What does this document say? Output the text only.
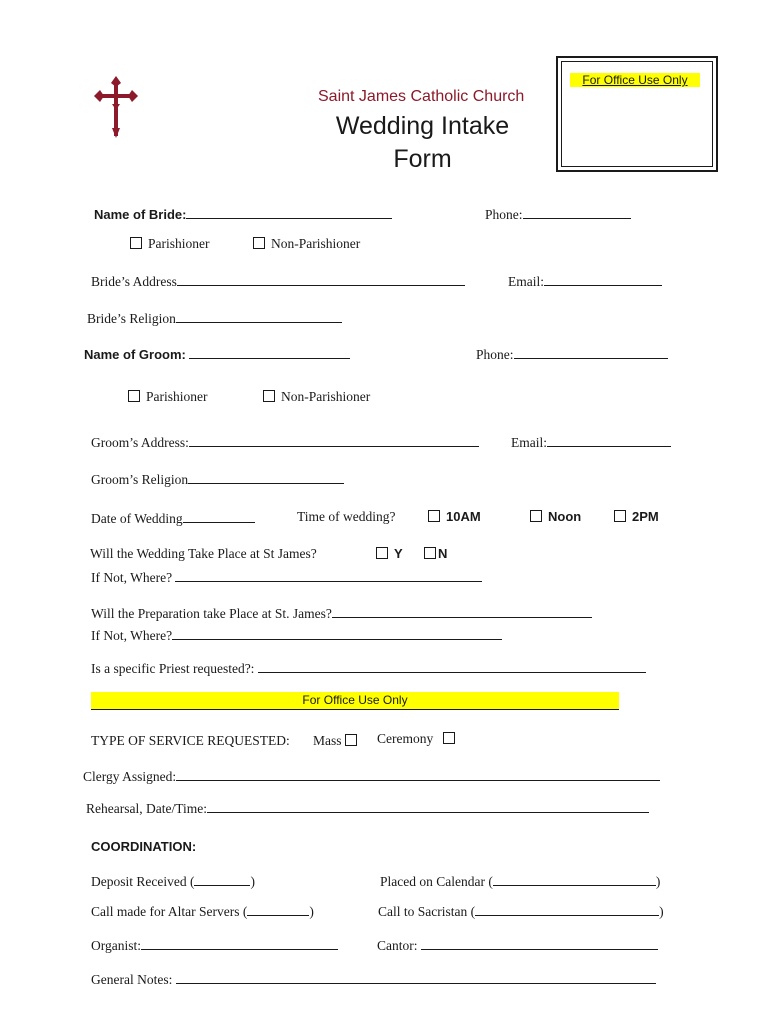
Saint James Catholic Church
Wedding Intake
Form
For Office Use Only
Name of Bride:	Phone:
Parishioner	Non-Parishioner
Bride’s Address	Email:
Bride’s Religion
Name of Groom:	Phone:
Parishioner	Non-Parishioner
Groom’s Address:	Email:
Groom’s Religion
Date of Wedding	Time of wedding?	10AM	Noon	2PM
Will the Wedding Take Place at St James?	Y	N
If Not, Where?
Will the Preparation take Place at St. James?
If Not, Where?
Is a specific Priest requested?:
For Office Use Only
TYPE OF SERVICE REQUESTED: Mass	Ceremony
Clergy Assigned:
Rehearsal, Date/Time:
COORDINATION:
Deposit Received (	)	Placed on Calendar (	)
Call made for Altar Servers (	)	Call to Sacristan (	)
Organist:	Cantor:
General Notes:
